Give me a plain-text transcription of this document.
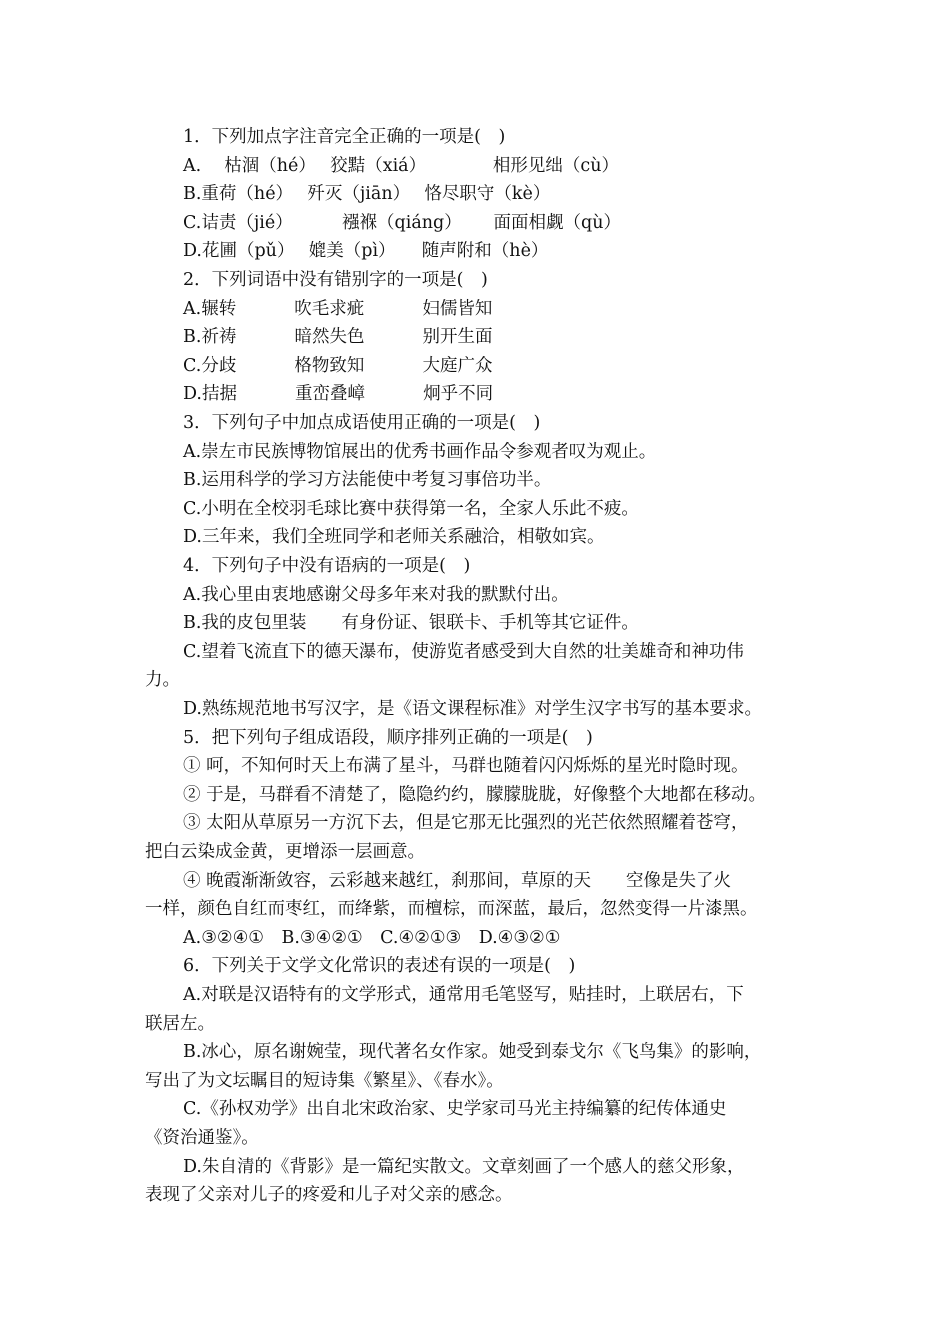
1．下列加点字注音完全正确的一项是(　)
A.　 枯涸（hé）　 狡黠（xiá）　　　　 相形见绌（cù）
B.重荷（hé）　 歼灭（jiān）　 恪尽职守（kè）
C.诘责（jié）　　　 襁褓（qiáng）　　 面面相觑（qù）
D.花圃（pǔ）　 媲美（pì）　　随声附和（hè）
2．下列词语中没有错别字的一项是(　)
A.辗转　　　 吹毛求疵　　　 妇儒皆知
B.祈祷　　　 暗然失色　　　 别开生面
C.分歧　　　 格物致知　　　 大庭广众
D.拮据　　　 重峦叠嶂　　　 炯乎不同
3．下列句子中加点成语使用正确的一项是(　)
A.崇左市民族博物馆展出的优秀书画作品令参观者叹为观止。
B.运用科学的学习方法能使中考复习事倍功半。
C.小明在全校羽毛球比赛中获得第一名，全家人乐此不疲。
D.三年来，我们全班同学和老师关系融洽，相敬如宾。
4．下列句子中没有语病的一项是(　)
A.我心里由衷地感谢父母多年来对我的默默付出。
B.我的皮包里装　　有身份证、银联卡、手机等其它证件。
C.望着飞流直下的德天瀑布，使游览者感受到大自然的壮美雄奇和神功伟
力。
D.熟练规范地书写汉字，是《语文课程标准》对学生汉字书写的基本要求。
5．把下列句子组成语段，顺序排列正确的一项是(　)
① 呵，不知何时天上布满了星斗，马群也随着闪闪烁烁的星光时隐时现。
② 于是，马群看不清楚了，隐隐约约，朦朦胧胧，好像整个大地都在移动。
③ 太阳从草原另一方沉下去，但是它那无比强烈的光芒依然照耀着苍穹，
把白云染成金黄，更增添一层画意。
④ 晚霞渐渐敛容，云彩越来越红，刹那间，草原的天　　空像是失了火
一样，颜色自红而枣红，而绛紫，而檀棕，而深蓝，最后，忽然变得一片漆黑。
A.③②④①　B.③④②①　C.④②①③　D.④③②①
6．下列关于文学文化常识的表述有误的一项是(　)
A.对联是汉语特有的文学形式，通常用毛笔竖写，贴挂时，上联居右，下
联居左。
B.冰心，原名谢婉莹，现代著名女作家。她受到泰戈尔《飞鸟集》的影响，
写出了为文坛瞩目的短诗集《繁星》、《春水》。
C.《孙权劝学》出自北宋政治家、史学家司马光主持编纂的纪传体通史
《资治通鉴》。
D.朱自清的《背影》是一篇纪实散文。文章刻画了一个感人的慈父形象，
表现了父亲对儿子的疼爱和儿子对父亲的感念。
